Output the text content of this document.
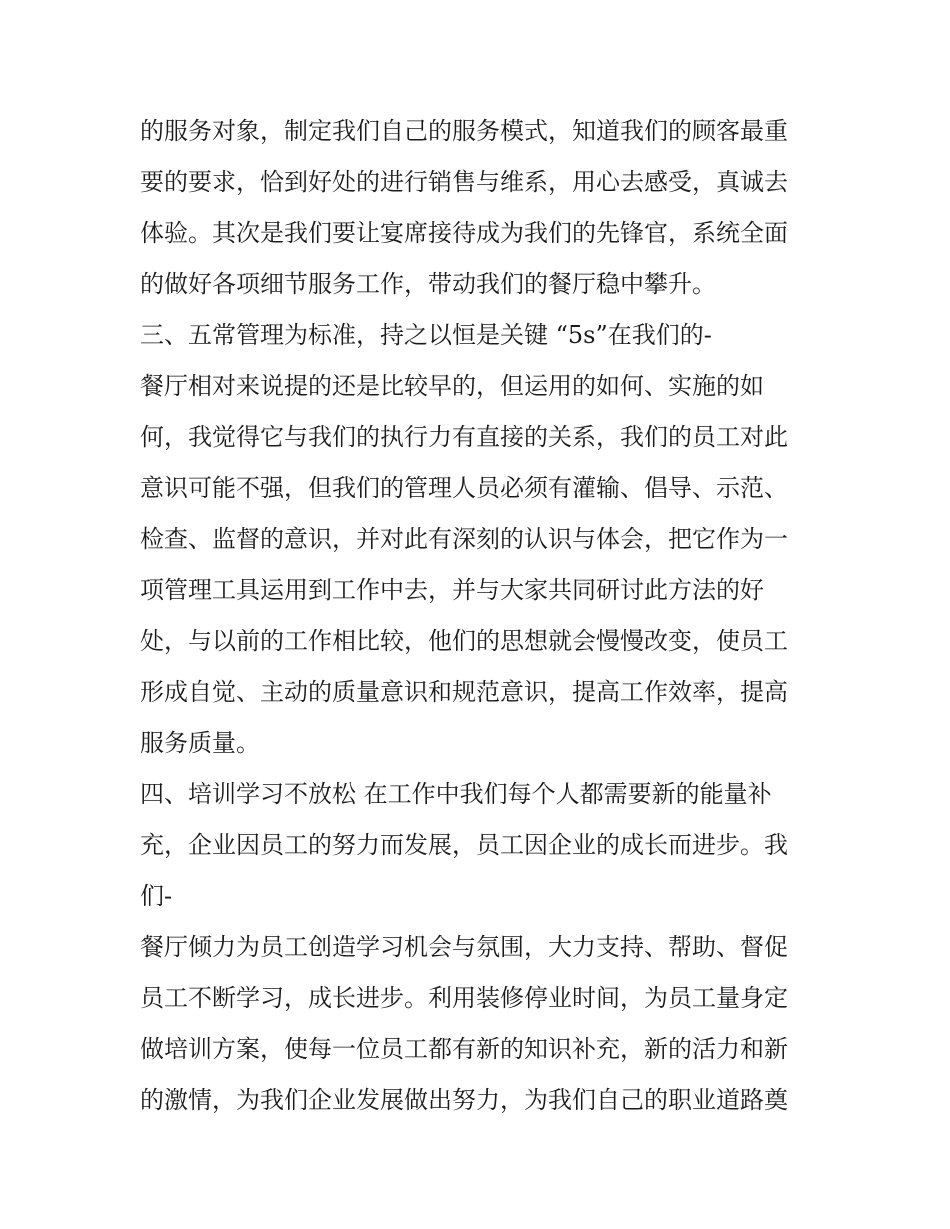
的服务对象，制定我们自己的服务模式，知道我们的顾客最重
要的要求，恰到好处的进行销售与维系，用心去感受，真诚去
体验。其次是我们要让宴席接待成为我们的先锋官，系统全面
的做好各项细节服务工作，带动我们的餐厅稳中攀升。
三、五常管理为标准，持之以恒是关键 “5s”在我们的-
餐厅相对来说提的还是比较早的，但运用的如何、实施的如
何，我觉得它与我们的执行力有直接的关系，我们的员工对此
意识可能不强，但我们的管理人员必须有灌输、倡导、示范、
检查、监督的意识，并对此有深刻的认识与体会，把它作为一
项管理工具运用到工作中去，并与大家共同研讨此方法的好
处，与以前的工作相比较，他们的思想就会慢慢改变，使员工
形成自觉、主动的质量意识和规范意识，提高工作效率，提高
服务质量。
四、培训学习不放松 在工作中我们每个人都需要新的能量补
充，企业因员工的努力而发展，员工因企业的成长而进步。我
们-
餐厅倾力为员工创造学习机会与氛围，大力支持、帮助、督促
员工不断学习，成长进步。利用装修停业时间，为员工量身定
做培训方案，使每一位员工都有新的知识补充，新的活力和新
的激情，为我们企业发展做出努力，为我们自己的职业道路奠
